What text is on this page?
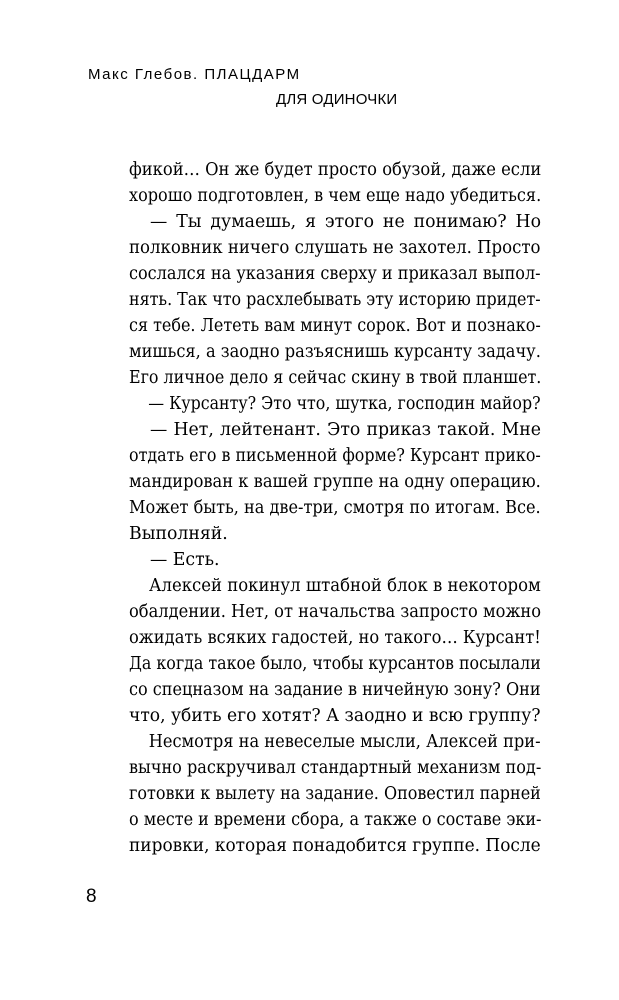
Макс Глебов. ПЛАЦДАРМ
ДЛЯ ОДИНОЧКИ
фикой… Он же будет просто обузой, даже если
хорошо подготовлен, в чем еще надо убедиться.
— Ты думаешь, я этого не понимаю? Но
полковник ничего слушать не захотел. Просто
сослался на указания сверху и приказал выпол-
нять. Так что расхлебывать эту историю придет-
ся тебе. Лететь вам минут сорок. Вот и познако-
мишься, а заодно разъяснишь курсанту задачу.
Его личное дело я сейчас скину в твой планшет.
— Курсанту? Это что, шутка, господин майор?
— Нет, лейтенант. Это приказ такой. Мне
отдать его в письменной форме? Курсант прико-
мандирован к вашей группе на одну операцию.
Может быть, на две-три, смотря по итогам. Все.
Выполняй.
— Есть.
Алексей покинул штабной блок в некотором
обалдении. Нет, от начальства запросто можно
ожидать всяких гадостей, но такого… Курсант!
Да когда такое было, чтобы курсантов посылали
со спецназом на задание в ничейную зону? Они
что, убить его хотят? А заодно и всю группу?
Несмотря на невеселые мысли, Алексей при-
вычно раскручивал стандартный механизм под-
готовки к вылету на задание. Оповестил парней
о месте и времени сбора, а также о составе эки-
пировки, которая понадобится группе. После
8
